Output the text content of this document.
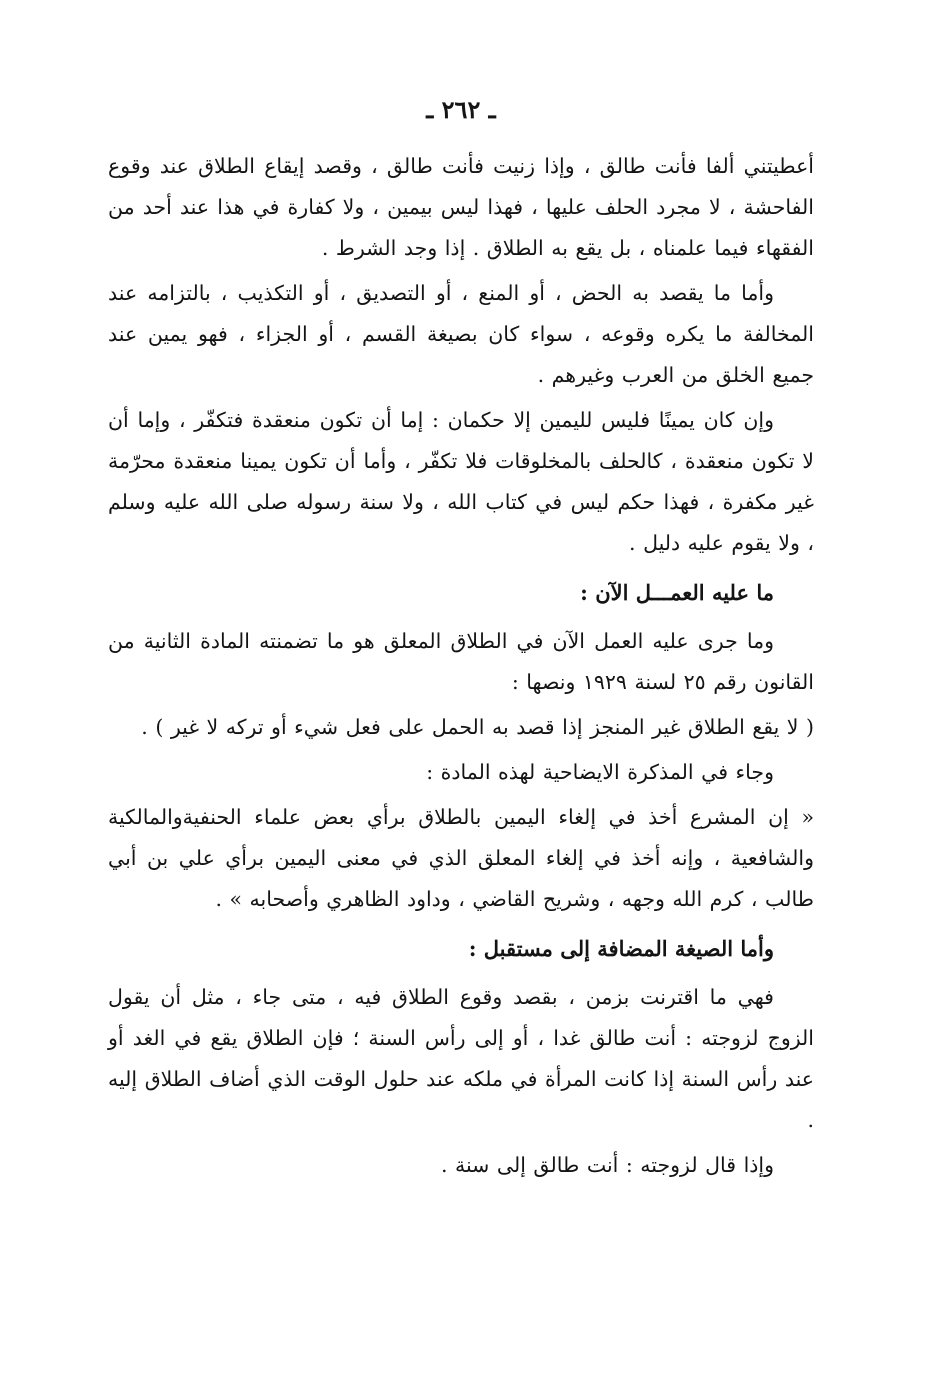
ـ ٢٦٢ ـ

أعطيتني ألفا فأنت طالق ، وإذا زنيت فأنت طالق ، وقصد إيقاع الطلاق عند وقوع الفاحشة ، لا مجرد الحلف عليها ، فهذا ليس بيمين ، ولا كفارة في هذا عند أحد من الفقهاء فيما علمناه ، بل يقع به الطلاق . إذا وجد الشرط .

وأما ما يقصد به الحض ، أو المنع ، أو التصديق ، أو التكذيب ، بالتزامه عند المخالفة ما يكره وقوعه ، سواء كان بصيغة القسم ، أو الجزاء ، فهو يمين عند جميع الخلق من العرب وغيرهم .

وإن كان يمينًا فليس لليمين إلا حكمان : إما أن تكون منعقدة فتكفّر ، وإما أن لا تكون منعقدة ، كالحلف بالمخلوقات فلا تكفّر ، وأما أن تكون يمينا منعقدة محرّمة غير مكفرة ، فهذا حكم ليس في كتاب الله ، ولا سنة رسوله صلى الله عليه وسلم ، ولا يقوم عليه دليل .

ما عليه العمـــل الآن :

وما جرى عليه العمل الآن في الطلاق المعلق هو ما تضمنته المادة الثانية من القانون رقم ٢٥ لسنة ١٩٢٩ ونصها :

( لا يقع الطلاق غير المنجز إذا قصد به الحمل على فعل شيء أو تركه لا غير ) .

وجاء في المذكرة الايضاحية لهذه المادة :

« إن المشرع أخذ في إلغاء اليمين بالطلاق برأي بعض علماء الحنفيةوالمالكية والشافعية ، وإنه أخذ في إلغاء المعلق الذي في معنى اليمين برأي علي بن أبي طالب ، كرم الله وجهه ، وشريح القاضي ، وداود الظاهري وأصحابه » .

وأما الصيغة المضافة إلى مستقبل :

فهي ما اقترنت بزمن ، بقصد وقوع الطلاق فيه ، متى جاء ، مثل أن يقول الزوج لزوجته : أنت طالق غدا ، أو إلى رأس السنة ؛ فإن الطلاق يقع في الغد أو عند رأس السنة إذا كانت المرأة في ملكه عند حلول الوقت الذي أضاف الطلاق إليه .

وإذا قال لزوجته : أنت طالق إلى سنة .
